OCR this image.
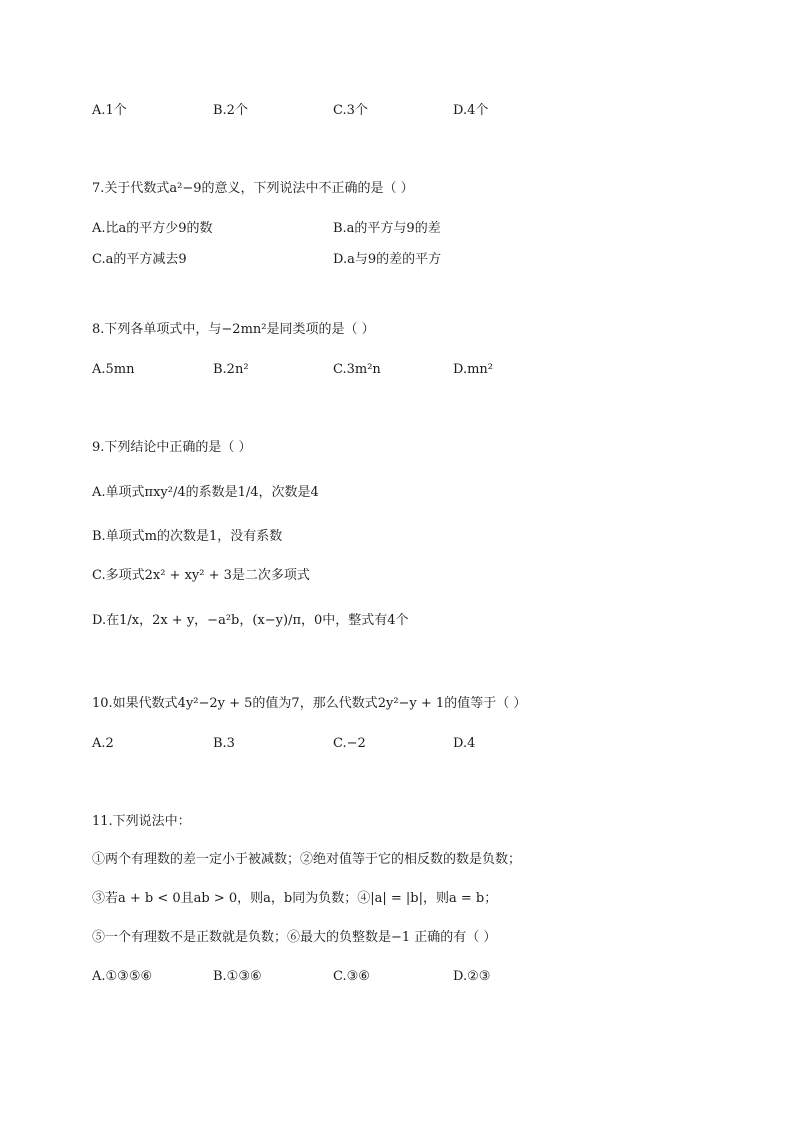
A.1个	B.2个	C.3个	D.4个
7.关于代数式a²−9的意义，下列说法中不正确的是（ ）
A.比a的平方少9的数	B.a的平方与9的差
C.a的平方减去9	D.a与9的差的平方
8.下列各单项式中，与−2mn²是同类项的是（ ）
A.5mn	B.2n²	C.3m²n	D.mn²
9.下列结论中正确的是（ ）
A.单项式πxy²/4的系数是1/4，次数是4
B.单项式m的次数是1，没有系数
C.多项式2x² + xy² + 3是二次多项式
D.在1/x，2x + y，−a²b，(x−y)/π，0中，整式有4个
10.如果代数式4y²−2y + 5的值为7，那么代数式2y²−y + 1的值等于（ ）
A.2	B.3	C.−2	D.4
11.下列说法中：
①两个有理数的差一定小于被减数；②绝对值等于它的相反数的数是负数；
③若a + b < 0且ab > 0，则a，b同为负数；④|a| = |b|，则a = b；
⑤一个有理数不是正数就是负数；⑥最大的负整数是−1 正确的有（ ）
A.①③⑤⑥	B.①③⑥	C.③⑥	D.②③
